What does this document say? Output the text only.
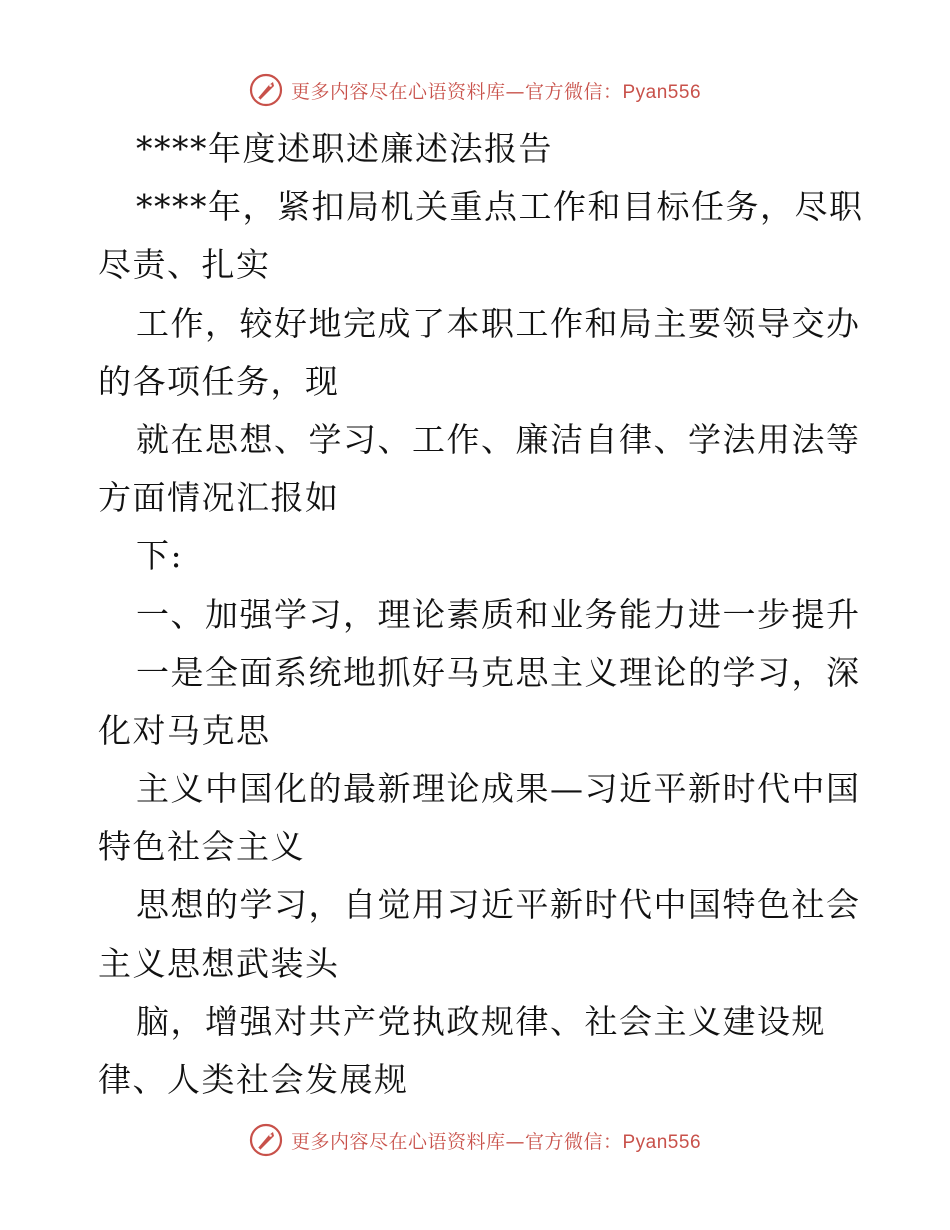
更多内容尽在心语资料库—官方微信：Pyan556
****年度述职述廉述法报告
****年，紧扣局机关重点工作和目标任务，尽职
尽责、扎实
工作，较好地完成了本职工作和局主要领导交办
的各项任务，现
就在思想、学习、工作、廉洁自律、学法用法等
方面情况汇报如
下:
一、加强学习，理论素质和业务能力进一步提升
一是全面系统地抓好马克思主义理论的学习，深
化对马克思
主义中国化的最新理论成果—习近平新时代中国
特色社会主义
思想的学习，自觉用习近平新时代中国特色社会
主义思想武装头
脑，增强对共产党执政规律、社会主义建设规
律、人类社会发展规
更多内容尽在心语资料库—官方微信：Pyan556
